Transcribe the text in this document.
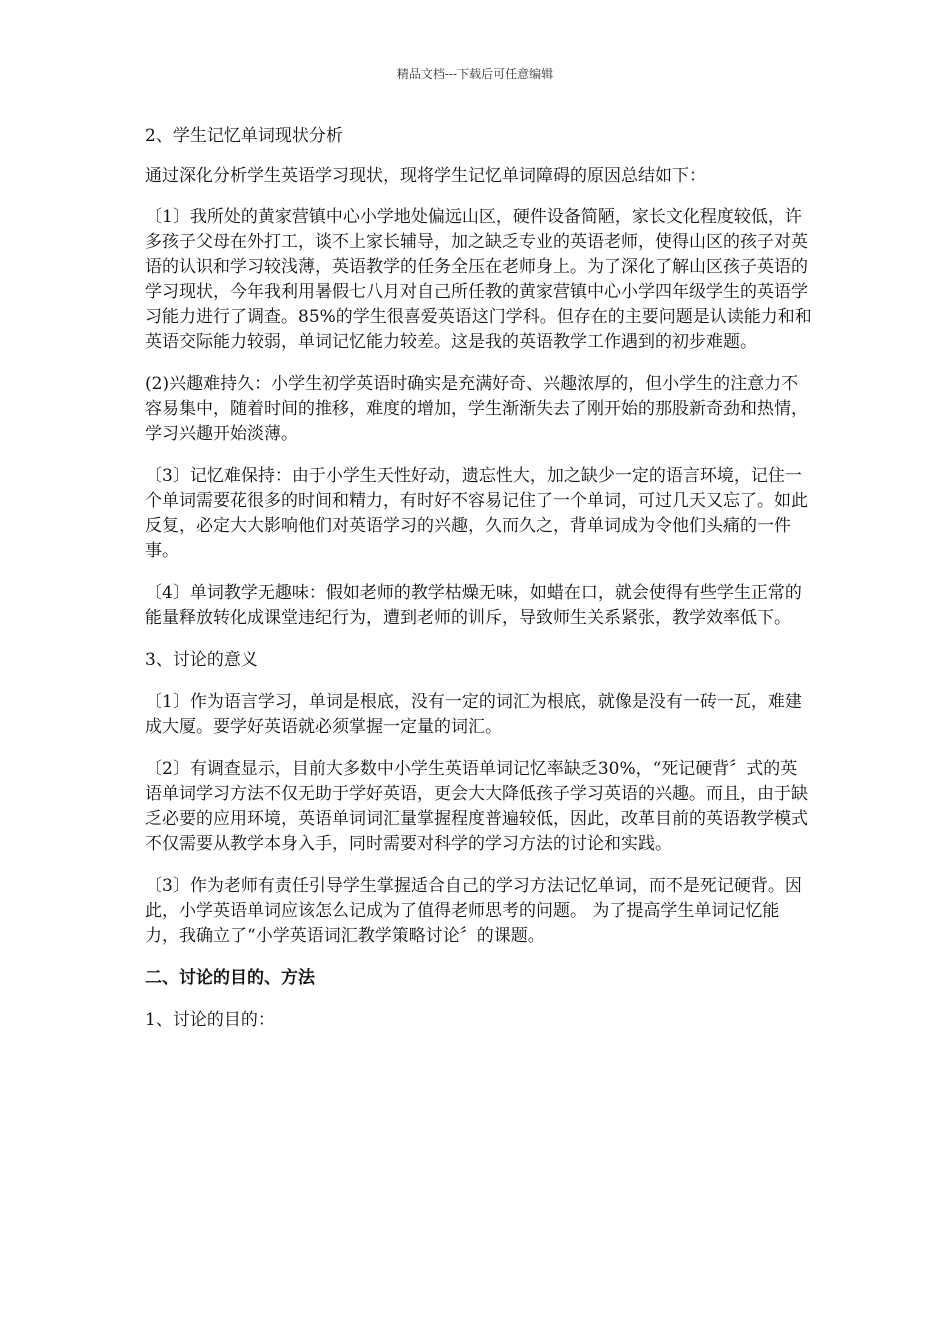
精品文档---下载后可任意编辑

2、学生记忆单词现状分析

通过深化分析学生英语学习现状，现将学生记忆单词障碍的原因总结如下：

〔1〕我所处的黄家营镇中心小学地处偏远山区，硬件设备简陋，家长文化程度较低，许多孩子父母在外打工，谈不上家长辅导，加之缺乏专业的英语老师，使得山区的孩子对英语的认识和学习较浅薄，英语教学的任务全压在老师身上。为了深化了解山区孩子英语的学习现状，今年我利用暑假七八月对自己所任教的黄家营镇中心小学四年级学生的英语学习能力进行了调查。85%的学生很喜爱英语这门学科。但存在的主要问题是认读能力和和英语交际能力较弱，单词记忆能力较差。这是我的英语教学工作遇到的初步难题。

(2)兴趣难持久：小学生初学英语时确实是充满好奇、兴趣浓厚的，但小学生的注意力不容易集中，随着时间的推移，难度的增加，学生渐渐失去了刚开始的那股新奇劲和热情，学习兴趣开始淡薄。

〔3〕记忆难保持：由于小学生天性好动，遗忘性大，加之缺少一定的语言环境，记住一个单词需要花很多的时间和精力，有时好不容易记住了一个单词，可过几天又忘了。如此反复，必定大大影响他们对英语学习的兴趣，久而久之，背单词成为令他们头痛的一件事。

〔4〕单词教学无趣味：假如老师的教学枯燥无味，如蜡在口，就会使得有些学生正常的能量释放转化成课堂违纪行为，遭到老师的训斥，导致师生关系紧张，教学效率低下。

3、讨论的意义

〔1〕作为语言学习，单词是根底，没有一定的词汇为根底，就像是没有一砖一瓦，难建成大厦。要学好英语就必须掌握一定量的词汇。

〔2〕有调查显示，目前大多数中小学生英语单词记忆率缺乏30%，“死记硬背〞式的英语单词学习方法不仅无助于学好英语，更会大大降低孩子学习英语的兴趣。而且，由于缺乏必要的应用环境，英语单词词汇量掌握程度普遍较低，因此，改革目前的英语教学模式不仅需要从教学本身入手，同时需要对科学的学习方法的讨论和实践。

〔3〕作为老师有责任引导学生掌握适合自己的学习方法记忆单词，而不是死记硬背。因此，小学英语单词应该怎么记成为了值得老师思考的问题。 为了提高学生单词记忆能力，我确立了“小学英语词汇教学策略讨论〞的课题。

二、讨论的目的、方法

1、讨论的目的：
